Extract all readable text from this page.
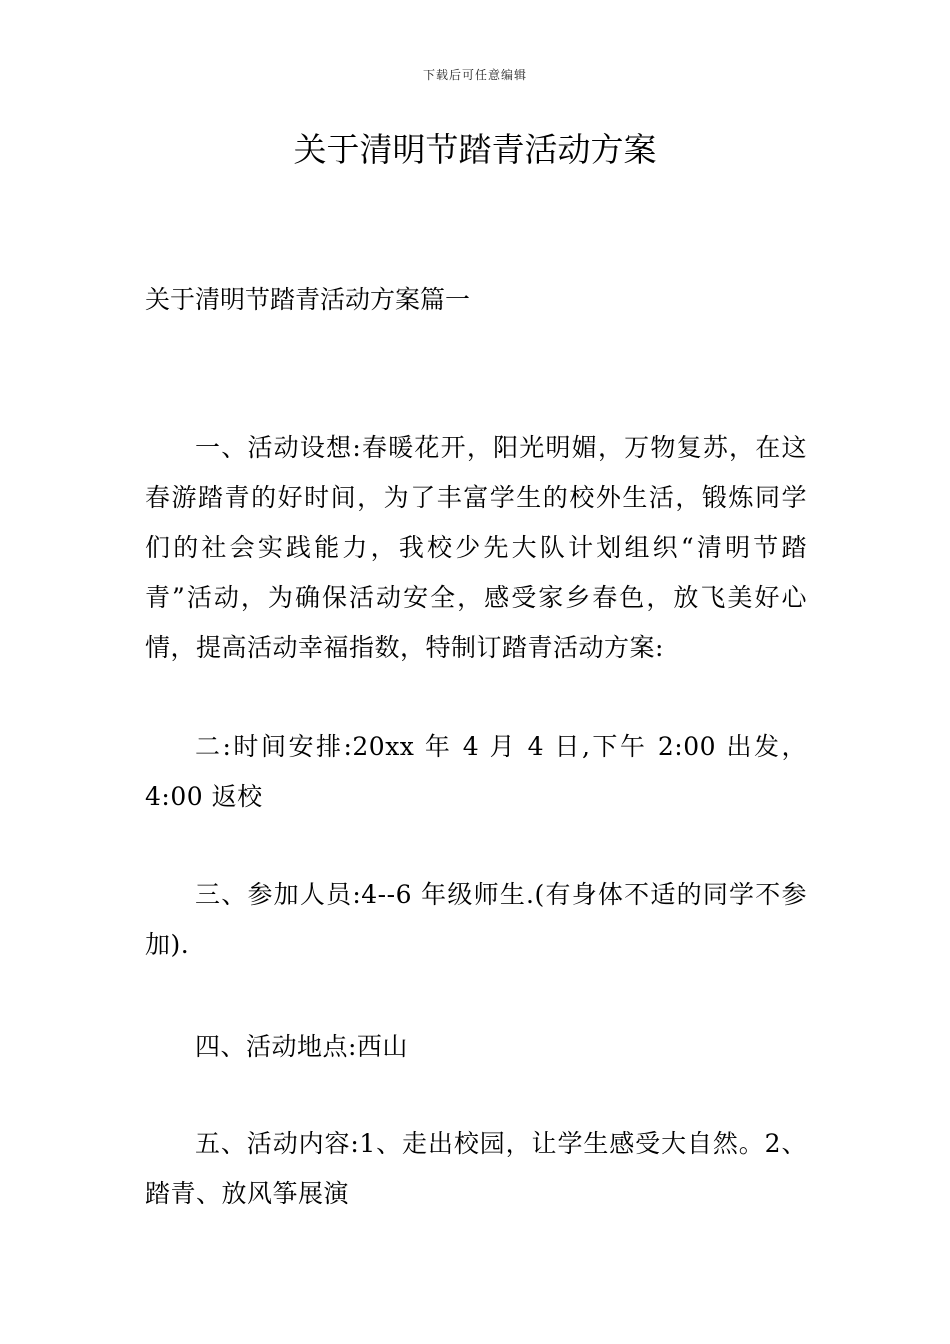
下载后可任意编辑
关于清明节踏青活动方案
关于清明节踏青活动方案篇一

一、活动设想:春暖花开，阳光明媚，万物复苏，在这春游踏青的好时间，为了丰富学生的校外生活，锻炼同学们的社会实践能力，我校少先大队计划组织“清明节踏青”活动，为确保活动安全，感受家乡春色，放飞美好心情，提高活动幸福指数，特制订踏青活动方案:

二:时间安排:20xx 年 4 月 4 日,下午 2:00 出发，4:00 返校

三、参加人员:4--6 年级师生.(有身体不适的同学不参加).

四、活动地点:西山

五、活动内容:1、走出校园，让学生感受大自然。2、踏青、放风筝展演
